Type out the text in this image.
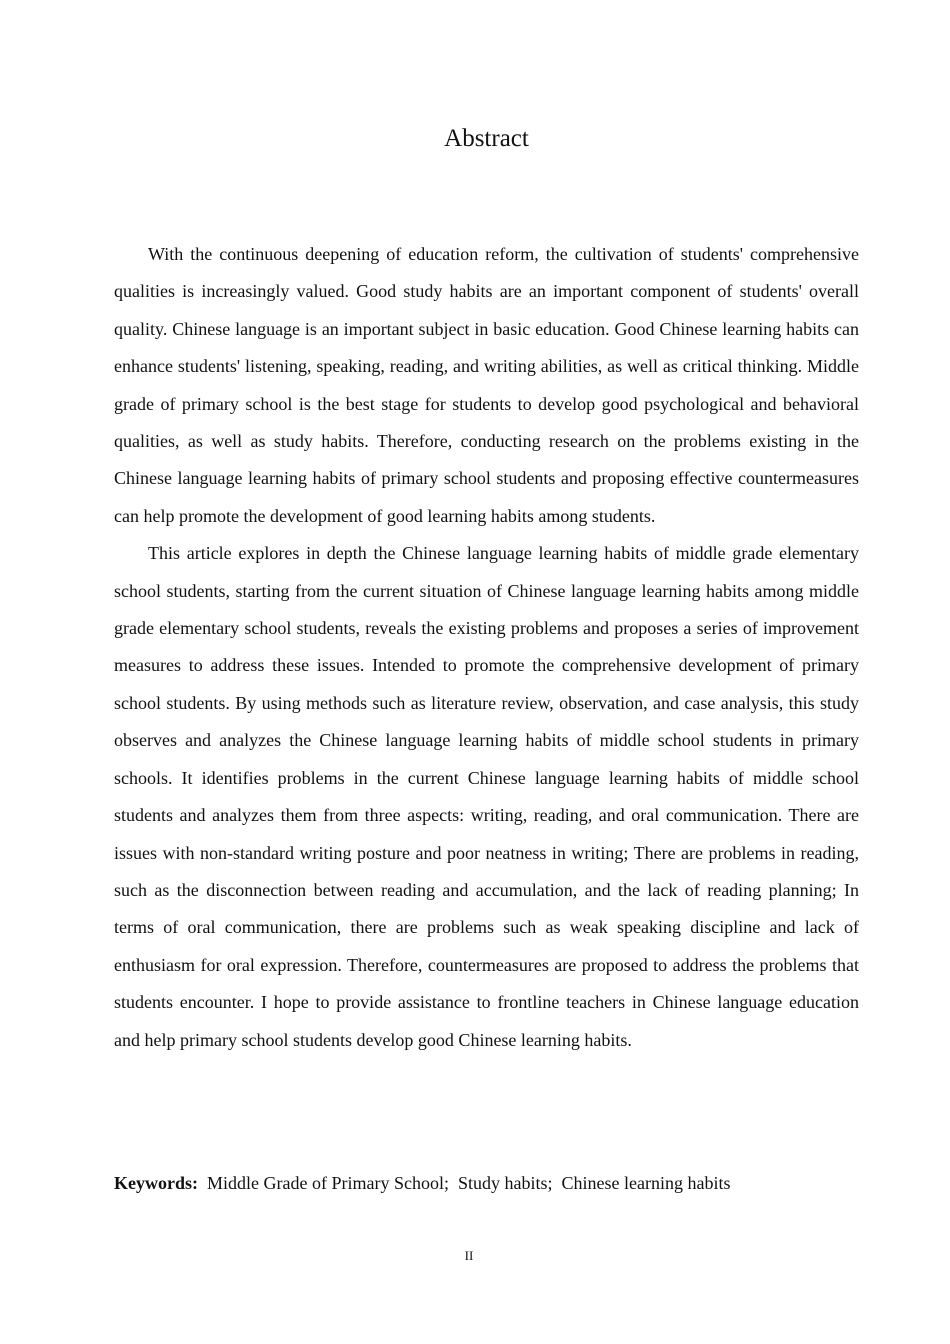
Abstract

With the continuous deepening of education reform, the cultivation of students' comprehensive qualities is increasingly valued. Good study habits are an important component of students' overall quality. Chinese language is an important subject in basic education. Good Chinese learning habits can enhance students' listening, speaking, reading, and writing abilities, as well as critical thinking. Middle grade of primary school is the best stage for students to develop good psychological and behavioral qualities, as well as study habits. Therefore, conducting research on the problems existing in the Chinese language learning habits of primary school students and proposing effective countermeasures can help promote the development of good learning habits among students.

This article explores in depth the Chinese language learning habits of middle grade elementary school students, starting from the current situation of Chinese language learning habits among middle grade elementary school students, reveals the existing problems and proposes a series of improvement measures to address these issues. Intended to promote the comprehensive development of primary school students. By using methods such as literature review, observation, and case analysis, this study observes and analyzes the Chinese language learning habits of middle school students in primary schools. It identifies problems in the current Chinese language learning habits of middle school students and analyzes them from three aspects: writing, reading, and oral communication. There are issues with non-standard writing posture and poor neatness in writing; There are problems in reading, such as the disconnection between reading and accumulation, and the lack of reading planning; In terms of oral communication, there are problems such as weak speaking discipline and lack of enthusiasm for oral expression. Therefore, countermeasures are proposed to address the problems that students encounter. I hope to provide assistance to frontline teachers in Chinese language education and help primary school students develop good Chinese learning habits.

Keywords: Middle Grade of Primary School; Study habits; Chinese learning habits
II
